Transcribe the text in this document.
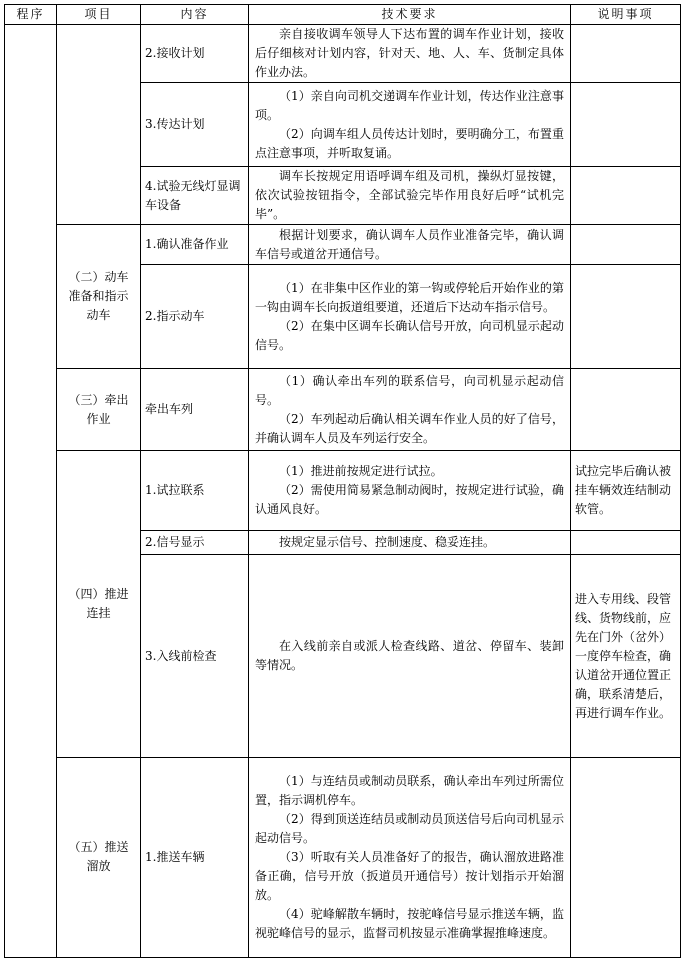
程序	项目	内容	技术要求	说明事项
		2.接收计划	亲自接收调车领导人下达布置的调车作业计划，接收后仔细核对计划内容，针对天、地、人、车、货制定具体作业办法。	

		3.传达计划	（1）亲自向司机交递调车作业计划，传达作业注意事项。
（2）向调车组人员传达计划时，要明确分工，布置重点注意事项，并听取复诵。	

		4.试验无线灯显调车设备	调车长按规定用语呼调车组及司机，操纵灯显按键，依次试验按钮指令，全部试验完毕作用良好后呼“试机完毕”。	

	（二）动车准备和指示动车	1.确认准备作业	根据计划要求，确认调车人员作业准备完毕，确认调车信号或道岔开通信号。	

		2.指示动车	（1）在非集中区作业的第一钩或停轮后开始作业的第一钩由调车长向扳道组要道，还道后下达动车指示信号。
（2）在集中区调车长确认信号开放，向司机显示起动信号。	

	（三）牵出作业	牵出车列	（1）确认牵出车列的联系信号，向司机显示起动信号。
（2）车列起动后确认相关调车作业人员的好了信号，并确认调车人员及车列运行安全。	

	（四）推进连挂	1.试拉联系	（1）推进前按规定进行试拉。
（2）需使用简易紧急制动阀时，按规定进行试验，确认通风良好。	试拉完毕后确认被挂车辆效连结制动软管。
		2.信号显示	按规定显示信号、控制速度、稳妥连挂。	

		3.入线前检查	在入线前亲自或派人检查线路、道岔、停留车、装卸等情况。	进入专用线、段管线、货物线前，应先在门外（岔外）一度停车检查，确认道岔开通位置正确，联系清楚后，再进行调车作业。
	（五）推送溜放	1.推送车辆	（1）与连结员或制动员联系，确认牵出车列过所需位置，指示调机停车。
（2）得到顶送连结员或制动员顶送信号后向司机显示起动信号。
（3）听取有关人员准备好了的报告，确认溜放进路准备正确，信号开放（扳道员开通信号）按计划指示开始溜放。
（4）驼峰解散车辆时，按驼峰信号显示推送车辆，监视驼峰信号的显示，监督司机按显示准确掌握推峰速度。	
